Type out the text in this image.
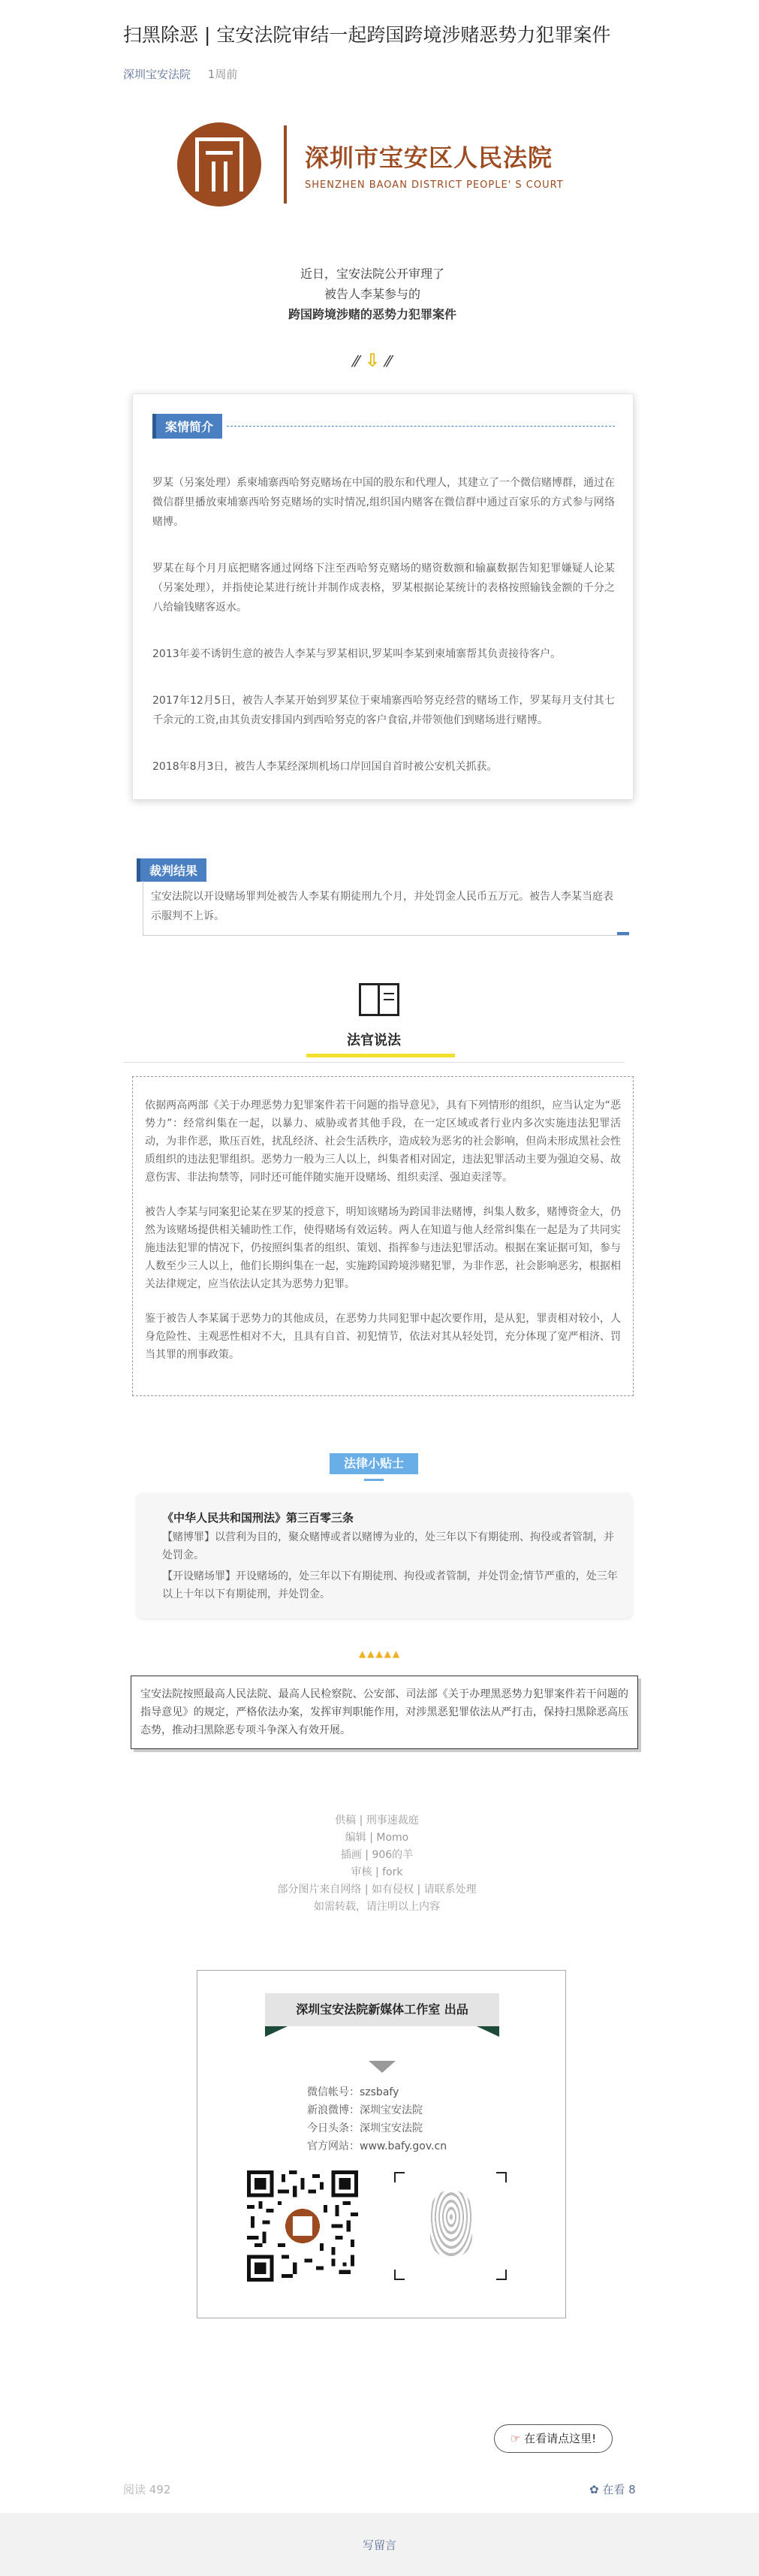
扫黑除恶 | 宝安法院审结一起跨国跨境涉赌恶势力犯罪案件
深圳宝安法院 1周前
深圳市宝安区人民法院
SHENZHEN BAOAN DISTRICT PEOPLE' S COURT
近日，宝安法院公开审理了
被告人李某参与的
跨国跨境涉赌的恶势力犯罪案件
⁄⁄ ⇩ ⁄⁄
案情简介

罗某（另案处理）系柬埔寨西哈努克赌场在中国的股东和代理人，其建立了一个微信赌博群，通过在微信群里播放柬埔寨西哈努克赌场的实时情况,组织国内赌客在微信群中通过百家乐的方式参与网络赌博。

罗某在每个月月底把赌客通过网络下注至西哈努克赌场的赌资数额和输赢数据告知犯罪嫌疑人论某（另案处理），并指使论某进行统计并制作成表格，罗某根据论某统计的表格按照输钱金额的千分之八给输钱赌客返水。

2013年姜不诱钥生意的被告人李某与罗某相识,罗某叫李某到柬埔寨帮其负责接待客户。

2017年12月5日，被告人李某开始到罗某位于柬埔寨西哈努克经营的赌场工作，罗某每月支付其七千余元的工资,由其负责安排国内到西哈努克的客户食宿,并带领他们到赌场进行赌博。

2018年8月3日，被告人李某经深圳机场口岸回国自首时被公安机关抓获。

裁判结果
宝安法院以开设赌场罪判处被告人李某有期徒刑九个月，并处罚金人民币五万元。被告人李某当庭表示服判不上诉。
法官说法

依据两高两部《关于办理恶势力犯罪案件若干问题的指导意见》，具有下列情形的组织，应当认定为“恶势力”：经常纠集在一起，以暴力、威胁或者其他手段，在一定区域或者行业内多次实施违法犯罪活动，为非作恶，欺压百姓，扰乱经济、社会生活秩序，造成较为恶劣的社会影响，但尚未形成黑社会性质组织的违法犯罪组织。恶势力一般为三人以上，纠集者相对固定，违法犯罪活动主要为强迫交易、故意伤害、非法拘禁等，同时还可能伴随实施开设赌场、组织卖淫、强迫卖淫等。

被告人李某与同案犯论某在罗某的授意下，明知该赌场为跨国非法赌博，纠集人数多，赌博资金大，仍然为该赌场提供相关辅助性工作，使得赌场有效运转。两人在知道与他人经常纠集在一起是为了共同实施违法犯罪的情况下，仍按照纠集者的组织、策划、指挥参与违法犯罪活动。根据在案证据可知，参与人数至少三人以上，他们长期纠集在一起，实施跨国跨境涉赌犯罪，为非作恶，社会影响恶劣，根据相关法律规定，应当依法认定其为恶势力犯罪。

鉴于被告人李某属于恶势力的其他成员，在恶势力共同犯罪中起次要作用，是从犯，罪责相对较小，人身危险性、主观恶性相对不大，且具有自首、初犯情节，依法对其从轻处罚，充分体现了宽严相济、罚当其罪的刑事政策。

法律小贴士
《中华人民共和国刑法》第三百零三条

【赌博罪】以营利为目的，聚众赌博或者以赌博为业的，处三年以下有期徒刑、拘役或者管制，并处罚金。

【开设赌场罪】开设赌场的，处三年以下有期徒刑、拘役或者管制，并处罚金;情节严重的，处三年以上十年以下有期徒刑，并处罚金。

▲▲▲▲▲
宝安法院按照最高人民法院、最高人民检察院、公安部、司法部《关于办理黑恶势力犯罪案件若干问题的指导意见》的规定，严格依法办案，发挥审判职能作用，对涉黑恶犯罪依法从严打击，保持扫黑除恶高压态势，推动扫黑除恶专项斗争深入有效开展。
供稿 | 刑事速裁庭
编辑 | Momo
插画 | 906的羊
审核 | fork
部分图片来自网络 | 如有侵权 | 请联系处理
如需转载，请注明以上内容
深圳宝安法院新媒体工作室 出品
微信帐号：szsbafy
新浪微博：深圳宝安法院
今日头条：深圳宝安法院
官方网站：www.bafy.gov.cn
☞ 在看请点这里!
阅读 492	✿ 在看 8
写留言
